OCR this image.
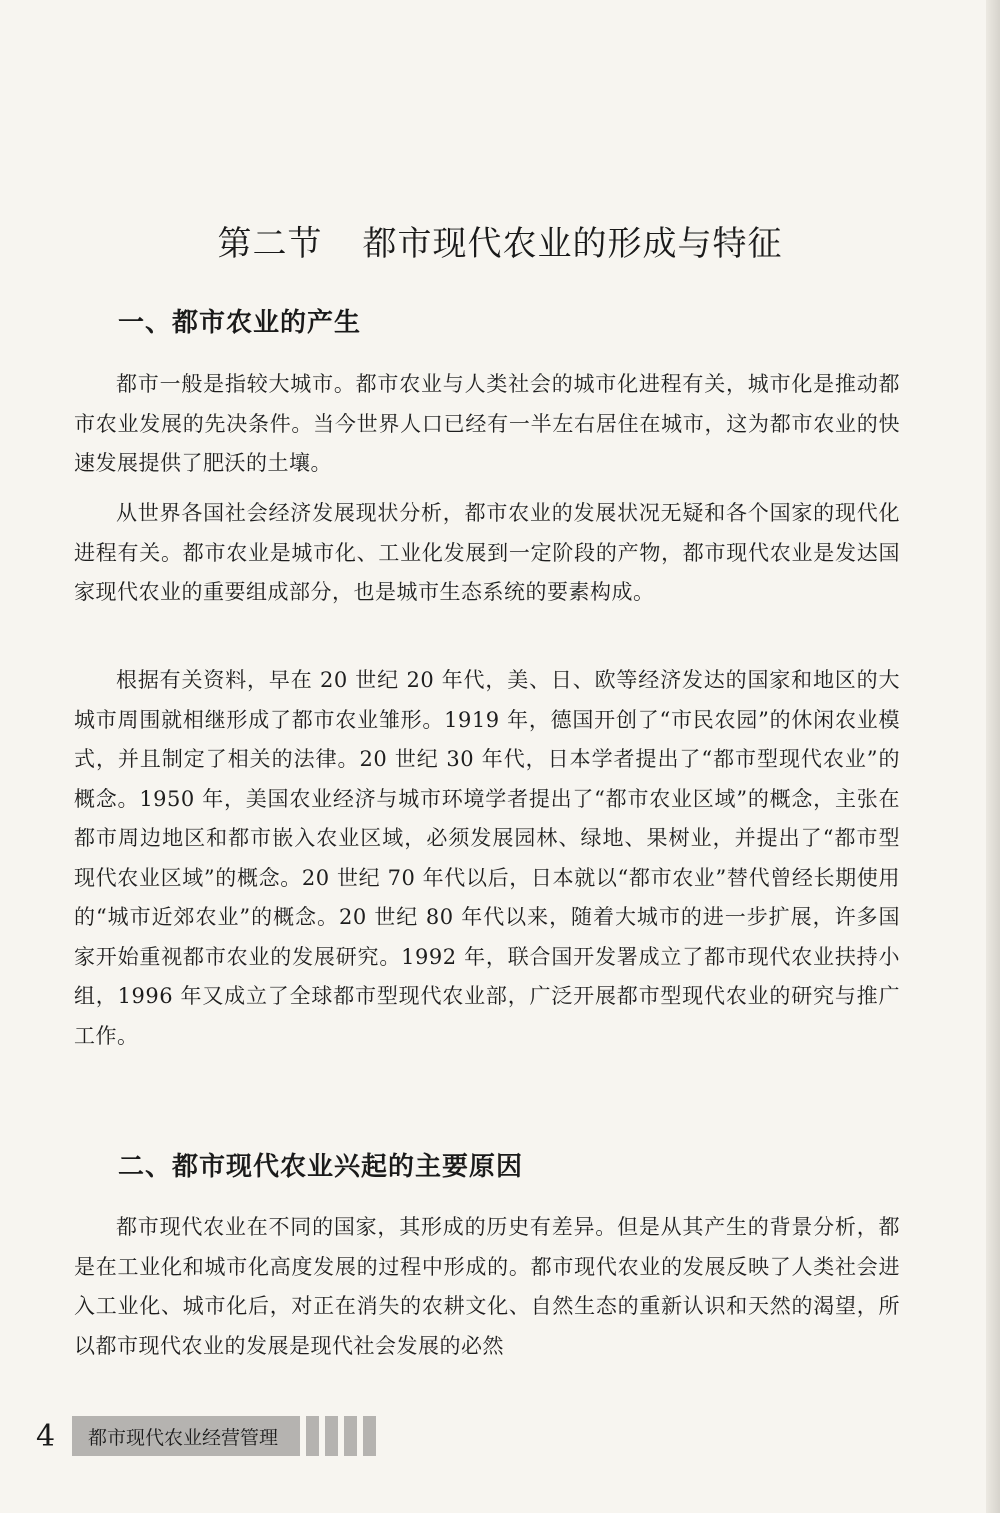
第二节 都市现代农业的形成与特征
一、都市农业的产生

都市一般是指较大城市。都市农业与人类社会的城市化进程有关，城市化是推动都市农业发展的先决条件。当今世界人口已经有一半左右居住在城市，这为都市农业的快速发展提供了肥沃的土壤。

从世界各国社会经济发展现状分析，都市农业的发展状况无疑和各个国家的现代化进程有关。都市农业是城市化、工业化发展到一定阶段的产物，都市现代农业是发达国家现代农业的重要组成部分，也是城市生态系统的要素构成。

根据有关资料，早在 20 世纪 20 年代，美、日、欧等经济发达的国家和地区的大城市周围就相继形成了都市农业雏形。1919 年，德国开创了“市民农园”的休闲农业模式，并且制定了相关的法律。20 世纪 30 年代，日本学者提出了“都市型现代农业”的概念。1950 年，美国农业经济与城市环境学者提出了“都市农业区域”的概念，主张在都市周边地区和都市嵌入农业区域，必须发展园林、绿地、果树业，并提出了“都市型现代农业区域”的概念。20 世纪 70 年代以后，日本就以“都市农业”替代曾经长期使用的“城市近郊农业”的概念。20 世纪 80 年代以来，随着大城市的进一步扩展，许多国家开始重视都市农业的发展研究。1992 年，联合国开发署成立了都市现代农业扶持小组，1996 年又成立了全球都市型现代农业部，广泛开展都市型现代农业的研究与推广工作。

二、都市现代农业兴起的主要原因

都市现代农业在不同的国家，其形成的历史有差异。但是从其产生的背景分析，都是在工业化和城市化高度发展的过程中形成的。都市现代农业的发展反映了人类社会进入工业化、城市化后，对正在消失的农耕文化、自然生态的重新认识和天然的渴望，所以都市现代农业的发展是现代社会发展的必然

4	都市现代农业经营管理
